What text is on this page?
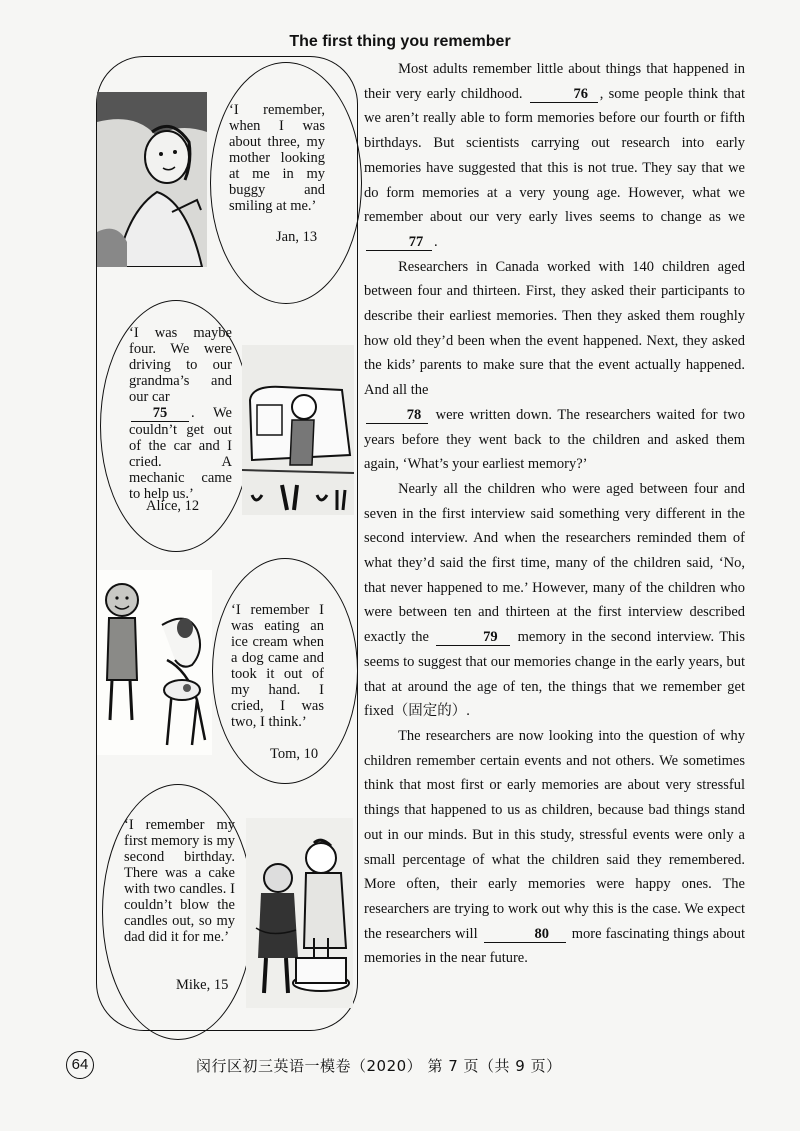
The first thing you remember
‘I remember, when I was about three, my mother looking at me in my buggy and smiling at me.’
Jan, 13
‘I was maybe four. We were driving to our grandma’s and our car
75 . We couldn’t get out of the car and I cried. A mechanic came to help us.’
Alice, 12
‘I remember I was eating an ice cream when a dog came and took it out of my hand. I cried, I was two, I think.’
Tom, 10
‘I remember my first memory is my second birthday. There was a cake with two candles. I couldn’t blow the candles out, so my dad did it for me.’
Mike, 15

Most adults remember little about things that happened in their very early childhood.	76 , some people think that we aren’t really able to form memories before our fourth or fifth birthdays. But scientists carrying out research into early memories have suggested that this is not true. They say that we do form memories at a very young age. However, what we remember about our very early lives seems to change as we 77 .

Researchers in Canada worked with 140 children aged between four and thirteen. First, they asked their participants to describe their earliest memories. Then they asked them roughly how old they’d been when the event happened. Next, they asked the kids’ parents to make sure that the event actually happened. And all the
78 were written down. The researchers waited for two years before they went back to the children and asked them again, ‘What’s your earliest memory?’

Nearly all the children who were aged between four and seven in the first interview said something very different in the second interview. And when the researchers reminded them of what they’d said the first time, many of the children said, ‘No, that never happened to me.’ However, many of the children who were between ten and thirteen at the first interview described exactly the	79 memory in the second interview. This seems to suggest that our memories change in the early years, but that at around the age of ten, the things that we remember get fixed（固定的）.

The researchers are now looking into the question of why children remember certain events and not others. We sometimes think that most first or early memories are about very stressful things that happened to us as children, because bad things stand out in our minds. But in this study, stressful events were only a small percentage of what the children said they remembered. More often, their early memories were happy ones. The researchers are trying to work out why this is the case. We expect the researchers will	80 more fascinating things about memories in the near future.

64	闵行区初三英语一模卷（2020） 第 7 页（共 9 页）
